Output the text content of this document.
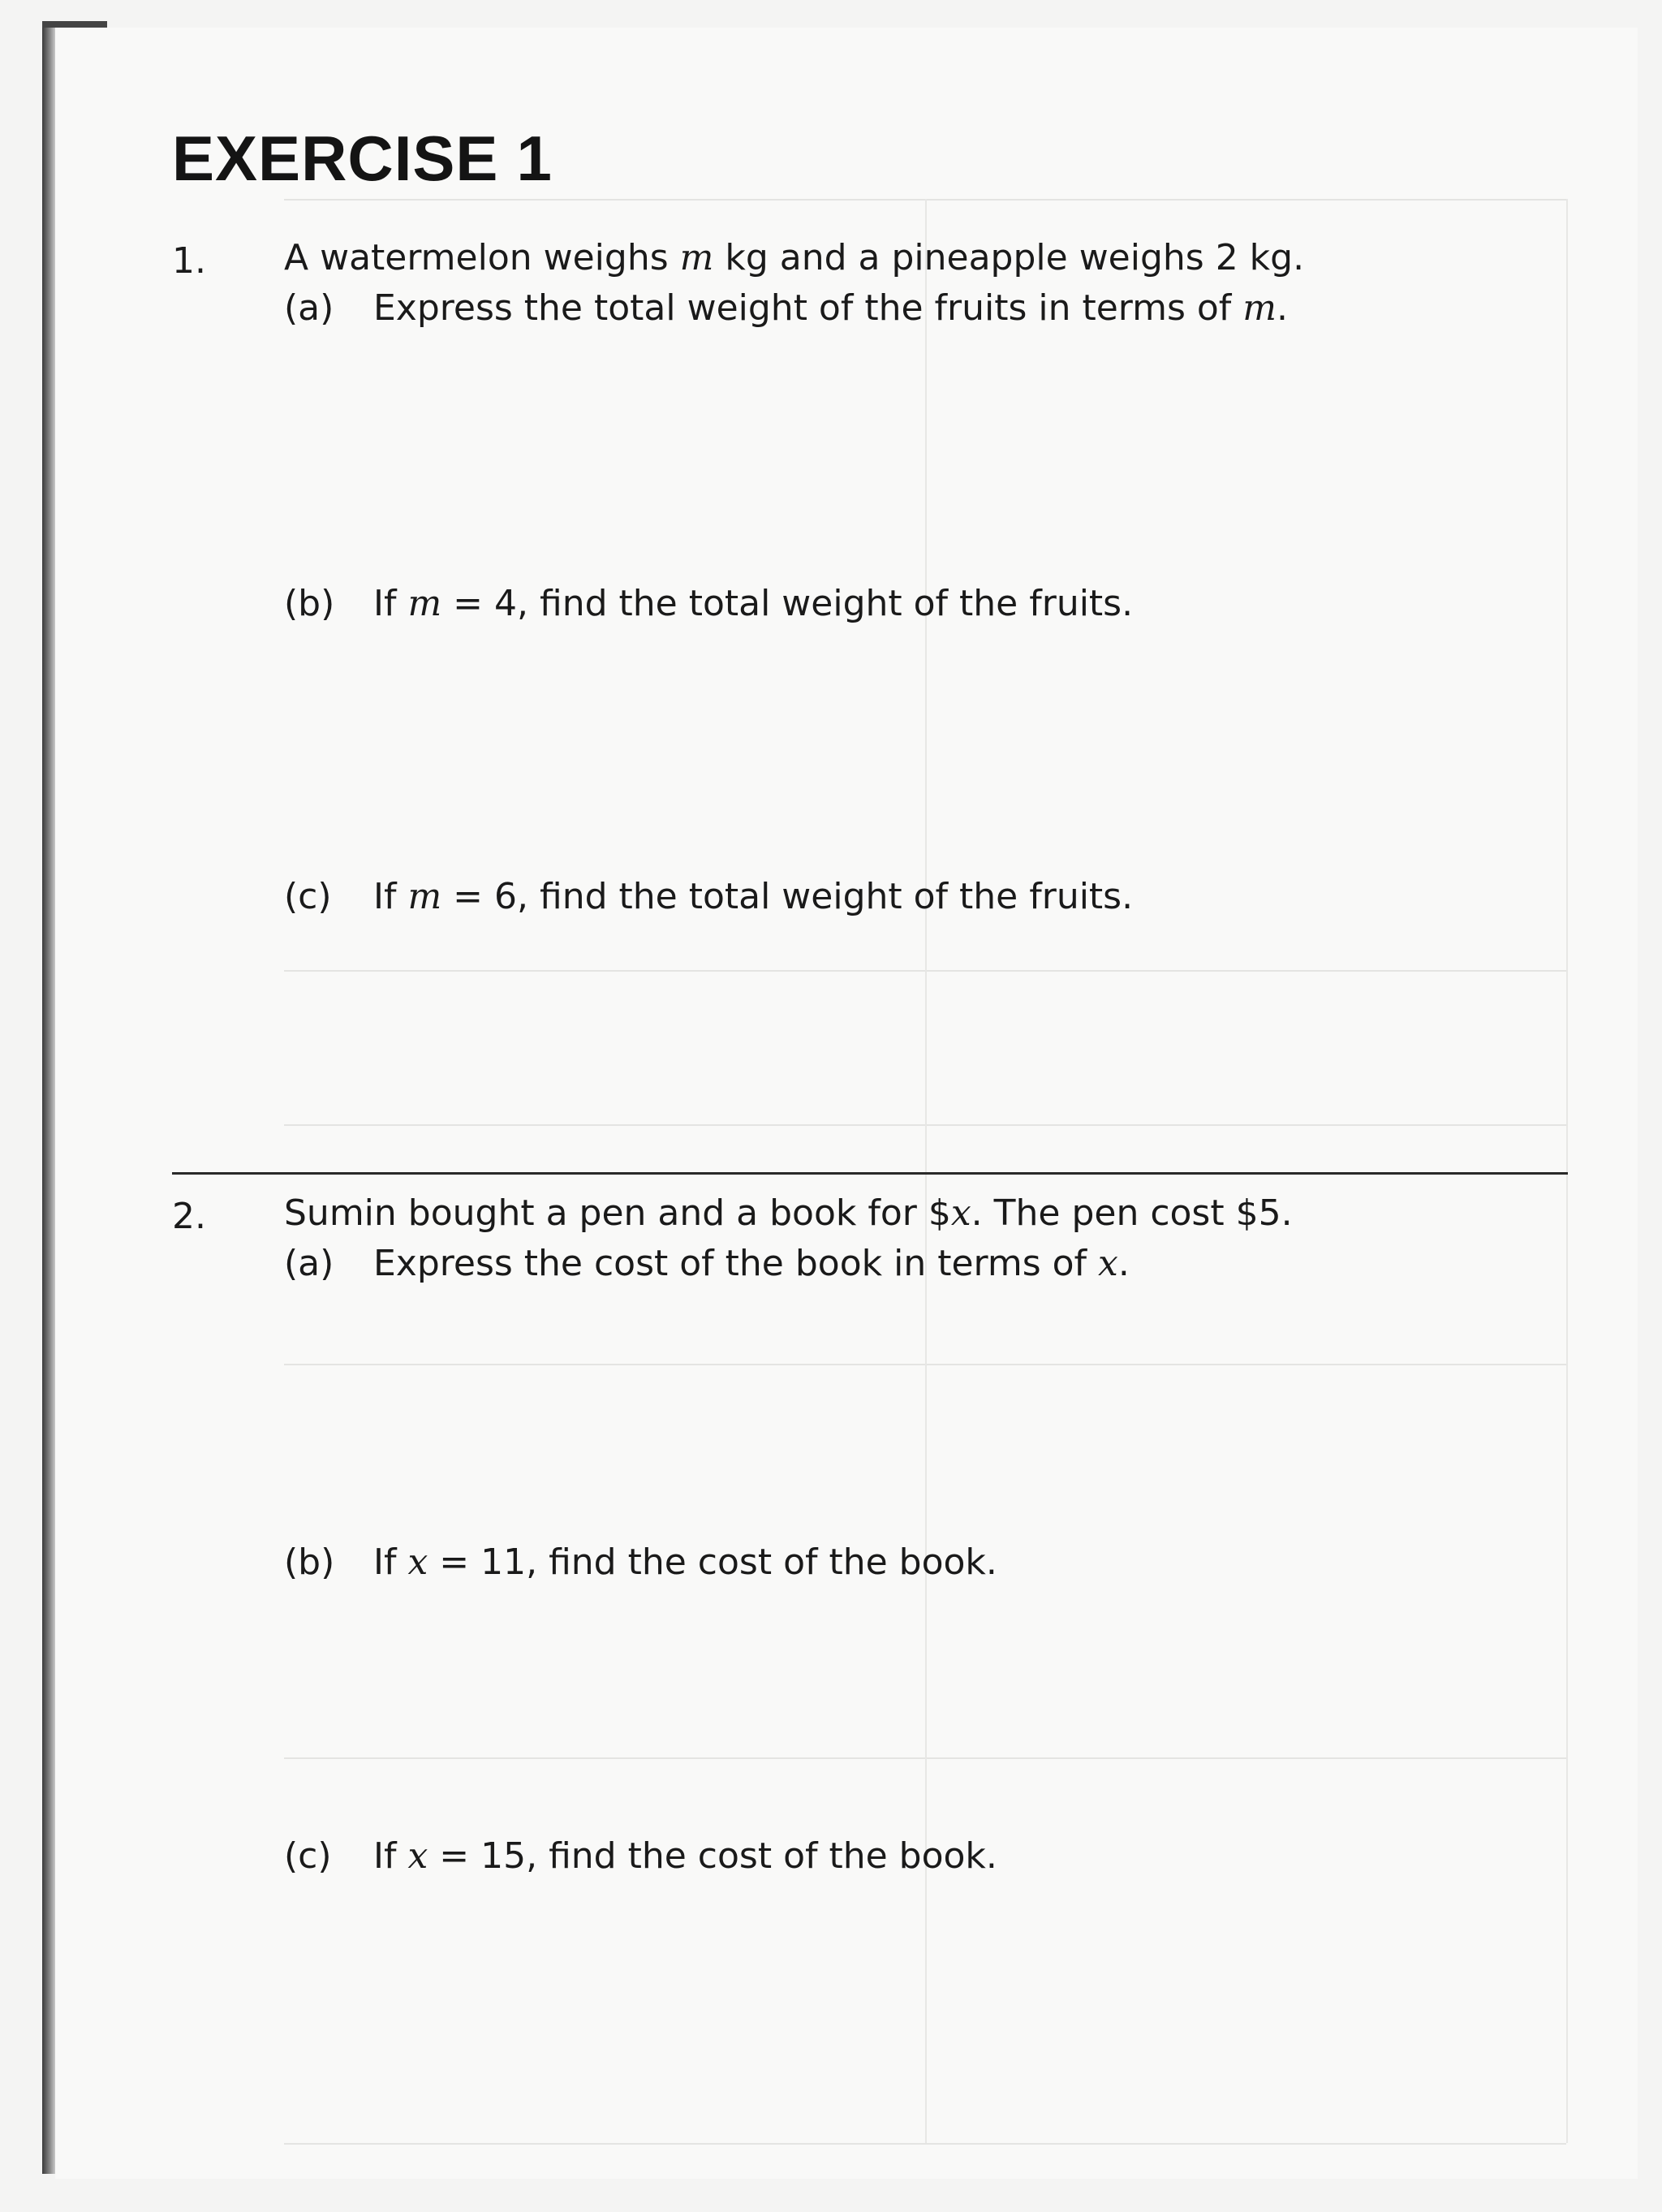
EXERCISE 1
1. A watermelon weighs m kg and a pineapple weighs 2 kg.
(a) Express the total weight of the fruits in terms of m.
(b) If m = 4, find the total weight of the fruits.
(c) If m = 6, find the total weight of the fruits.
2. Sumin bought a pen and a book for $x. The pen cost $5.
(a) Express the cost of the book in terms of x.
(b) If x = 11, find the cost of the book.
(c) If x = 15, find the cost of the book.
